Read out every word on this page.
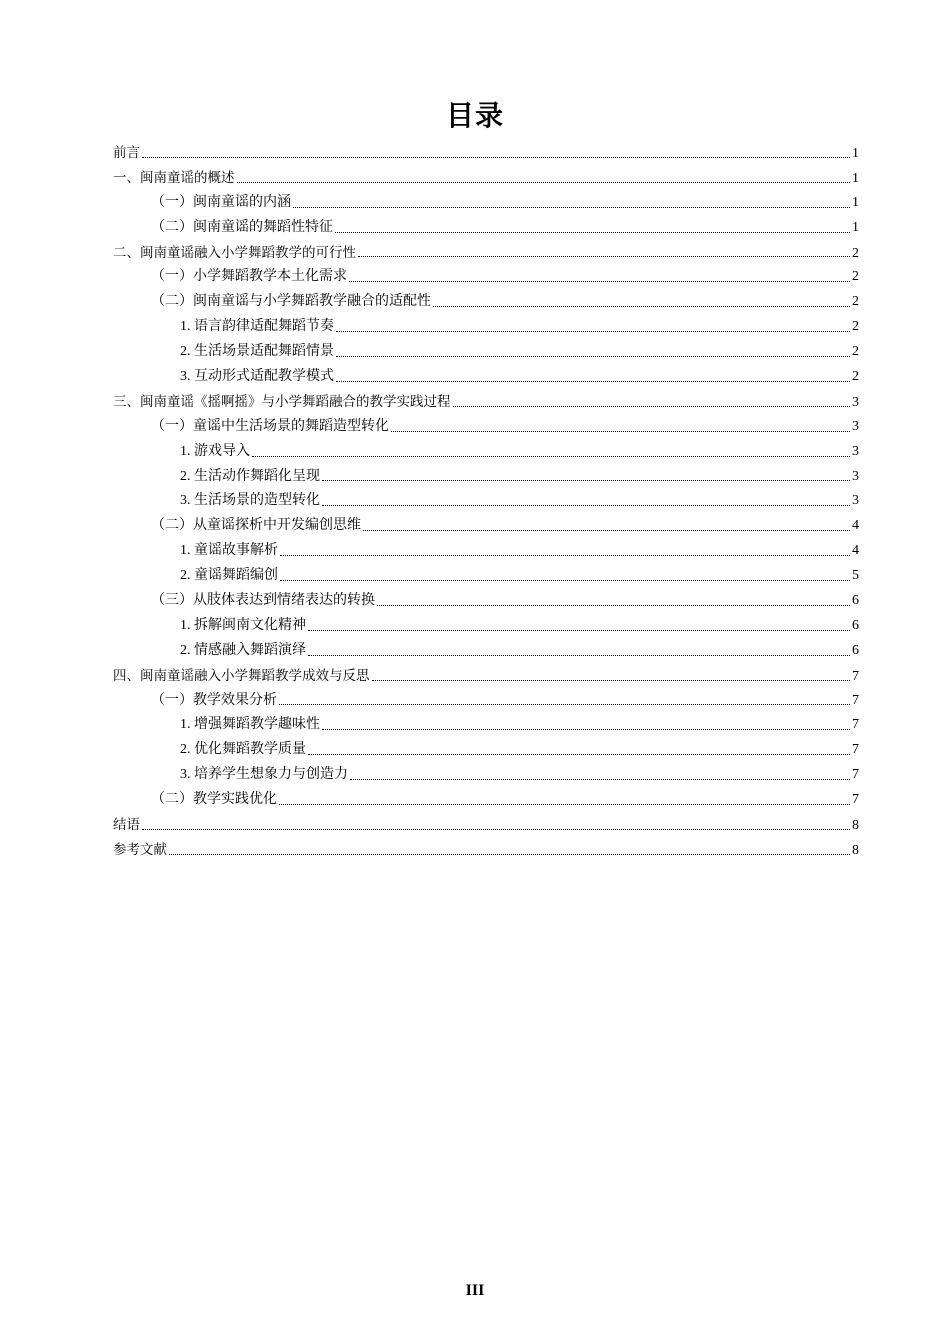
目录
前言	1
一、闽南童谣的概述	1
（一）闽南童谣的内涵	1
（二）闽南童谣的舞蹈性特征	1
二、闽南童谣融入小学舞蹈教学的可行性	2
（一）小学舞蹈教学本土化需求	2
（二）闽南童谣与小学舞蹈教学融合的适配性	2
1. 语言韵律适配舞蹈节奏	2
2. 生活场景适配舞蹈情景	2
3. 互动形式适配教学模式	2
三、闽南童谣《摇啊摇》与小学舞蹈融合的教学实践过程	3
（一）童谣中生活场景的舞蹈造型转化	3
1. 游戏导入	3
2. 生活动作舞蹈化呈现	3
3. 生活场景的造型转化	3
（二）从童谣探析中开发编创思维	4
1. 童谣故事解析	4
2. 童谣舞蹈编创	5
（三）从肢体表达到情绪表达的转换	6
1. 拆解闽南文化精神	6
2. 情感融入舞蹈演绎	6
四、闽南童谣融入小学舞蹈教学成效与反思	7
（一）教学效果分析	7
1. 增强舞蹈教学趣味性	7
2. 优化舞蹈教学质量	7
3. 培养学生想象力与创造力	7
（二）教学实践优化	7
结语	8
参考文献	8
III
